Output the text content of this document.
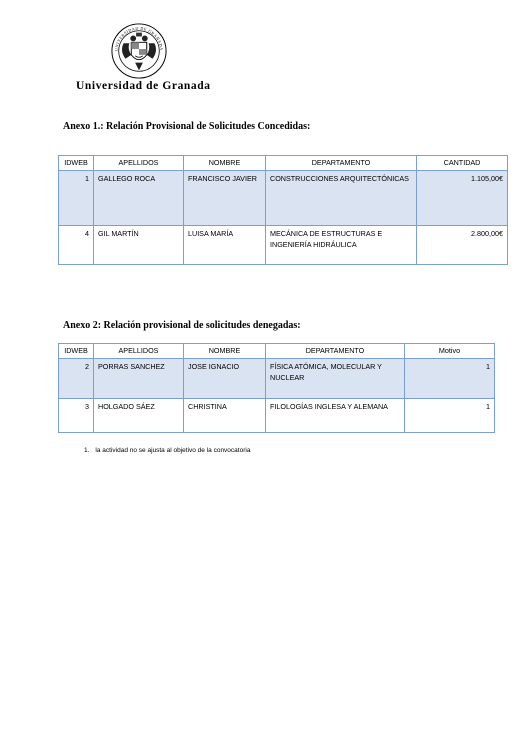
UNIVERSIDAD DE GRANADA
Universidad de Granada
Anexo 1.: Relación Provisional de Solicitudes Concedidas:
IDWEB	APELLIDOS	NOMBRE	DEPARTAMENTO	CANTIDAD
1	GALLEGO ROCA	FRANCISCO JAVIER	CONSTRUCCIONES ARQUITECTÓNICAS	1.105,00€
4	GIL MARTÍN	LUISA MARÍA	MECÁNICA DE ESTRUCTURAS E INGENIERÍA HIDRÁULICA	2.800,00€
Anexo 2: Relación provisional de solicitudes denegadas:
IDWEB	APELLIDOS	NOMBRE	DEPARTAMENTO	Motivo
2	PORRAS SANCHEZ	JOSE IGNACIO	FÍSICA ATÓMICA, MOLECULAR Y NUCLEAR	1
3	HOLGADO SÁEZ	CHRISTINA	FILOLOGÍAS INGLESA Y ALEMANA	1
1. la actividad no se ajusta al objetivo de la convocatoria
